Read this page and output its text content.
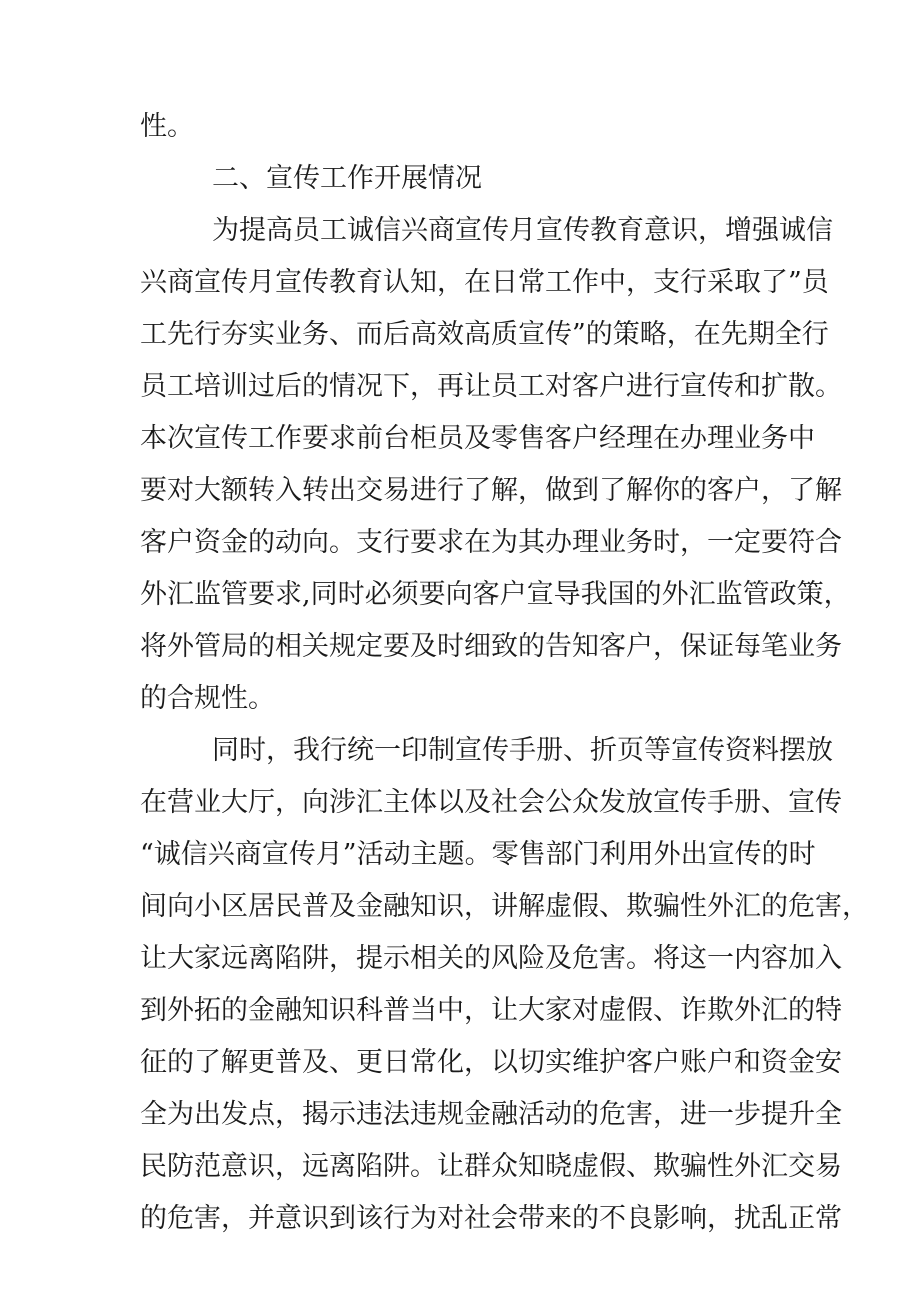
性。
二、宣传工作开展情况
为提高员工诚信兴商宣传月宣传教育意识，增强诚信
兴商宣传月宣传教育认知，在日常工作中，支行采取了”员
工先行夯实业务、而后高效高质宣传”的策略，在先期全行
员工培训过后的情况下，再让员工对客户进行宣传和扩散。
本次宣传工作要求前台柜员及零售客户经理在办理业务中
要对大额转入转出交易进行了解，做到了解你的客户，了解
客户资金的动向。支行要求在为其办理业务时，一定要符合
外汇监管要求,同时必须要向客户宣导我国的外汇监管政策，
将外管局的相关规定要及时细致的告知客户，保证每笔业务
的合规性。
同时，我行统一印制宣传手册、折页等宣传资料摆放
在营业大厅，向涉汇主体以及社会公众发放宣传手册、宣传
“诚信兴商宣传月”活动主题。零售部门利用外出宣传的时
间向小区居民普及金融知识，讲解虚假、欺骗性外汇的危害，
让大家远离陷阱，提示相关的风险及危害。将这一内容加入
到外拓的金融知识科普当中，让大家对虚假、诈欺外汇的特
征的了解更普及、更日常化，以切实维护客户账户和资金安
全为出发点，揭示违法违规金融活动的危害，进一步提升全
民防范意识，远离陷阱。让群众知晓虚假、欺骗性外汇交易
的危害，并意识到该行为对社会带来的不良影响，扰乱正常
